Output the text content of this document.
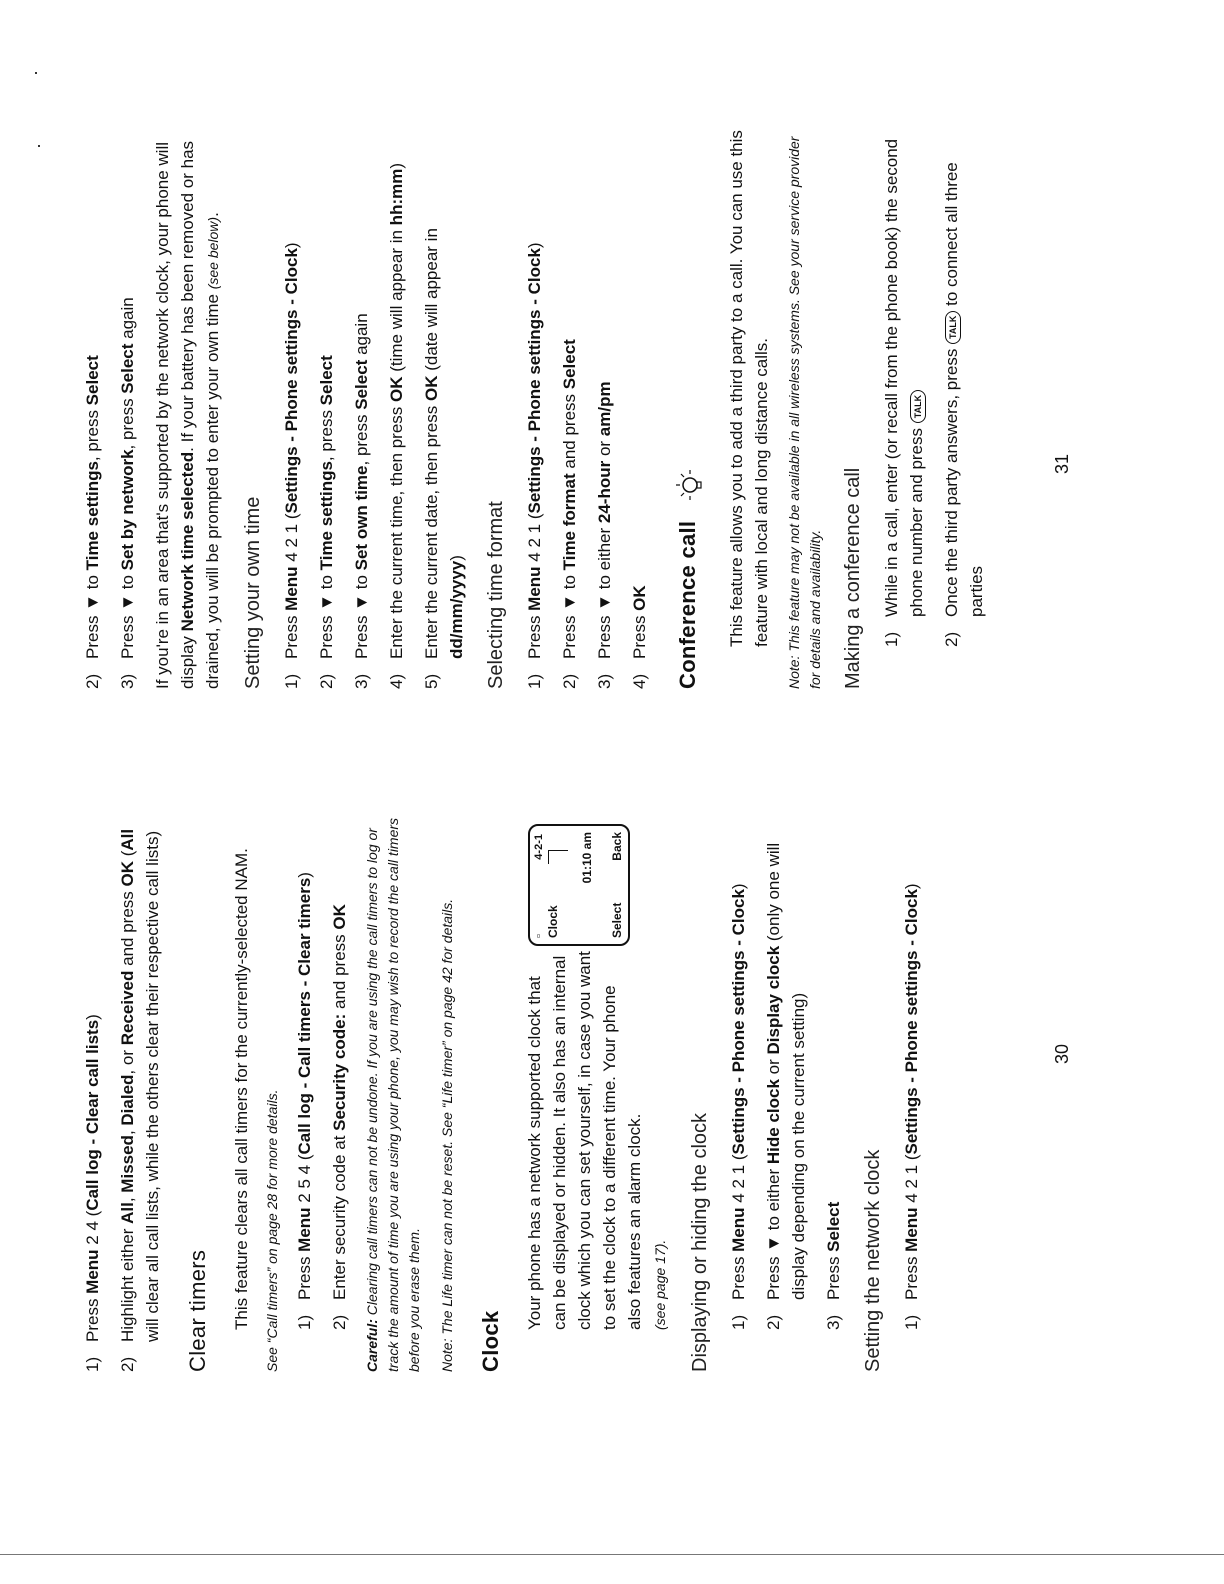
1)
Press Menu 2 4 (Call log - Clear call lists)
2)
Highlight either All, Missed, Dialed, or Received and press OK (All will clear all call lists, while the others clear their respective call lists) Clear timers This feature clears all call timers for the currently-selected NAM. See “Call timers” on page 28 for more details. 1)
Press Menu 2 5 4 (Call log - Call timers - Clear timers)
2)
Enter security code at Security code: and press OK
Careful: Clearing call timers can not be undone. If you are using the call timers to log or track the amount of time you are using your phone, you may wish to record the call timers before you erase them. Note: The Life timer can not be reset. See “Life timer” on page 42 for details. Clock
Your phone has a network supported clock that can be displayed or hidden. It also has an internal clock which you can set yourself, in case you want to set the clock to a different time. Your phone also features an alarm clock. (see page 17).
▫
4-2-1
Clock
01:10 am
Select
Back
Displaying or hiding the clock 1)
Press Menu 4 2 1 (Settings - Phone settings - Clock)
2)
Press ▼ to either Hide clock or Display clock (only one will display depending on the current setting)
3)
Press Select Setting the network clock 1)
Press Menu 4 2 1 (Settings - Phone settings - Clock)
30
2)
Press ▼ to Time settings, press Select
3)
Press ▼ to Set by network, press Select again If you're in an area that's supported by the network clock, your phone will display Network time selected. If your battery has been removed or has drained, you will be prompted to enter your own time (see below).
Setting your own time 1)
Press Menu 4 2 1 (Settings - Phone settings - Clock)
2)
Press ▼ to Time settings, press Select
3)
Press ▼ to Set own time, press Select again
4)
Enter the current time, then press OK (time will appear in hh:mm)
5)
Enter the current date, then press OK (date will appear in dd/mm/yyyy) Selecting time format 1)
Press Menu 4 2 1 (Settings - Phone settings - Clock)
2)
Press ▼ to Time format and press Select
3)
Press ▼ to either 24-hour or am/pm
4)
Press OK Conference call	This feature allows you to add a third party to a call. You can use this feature with local and long distance calls. Note: This feature may not be available in all wireless systems. See your service provider for details and availability. Making a conference call 1)
While in a call, enter (or recall from the phone book) the second phone number and press TALK
2)
Once the third party answers, press TALK to connect all three parties
31
